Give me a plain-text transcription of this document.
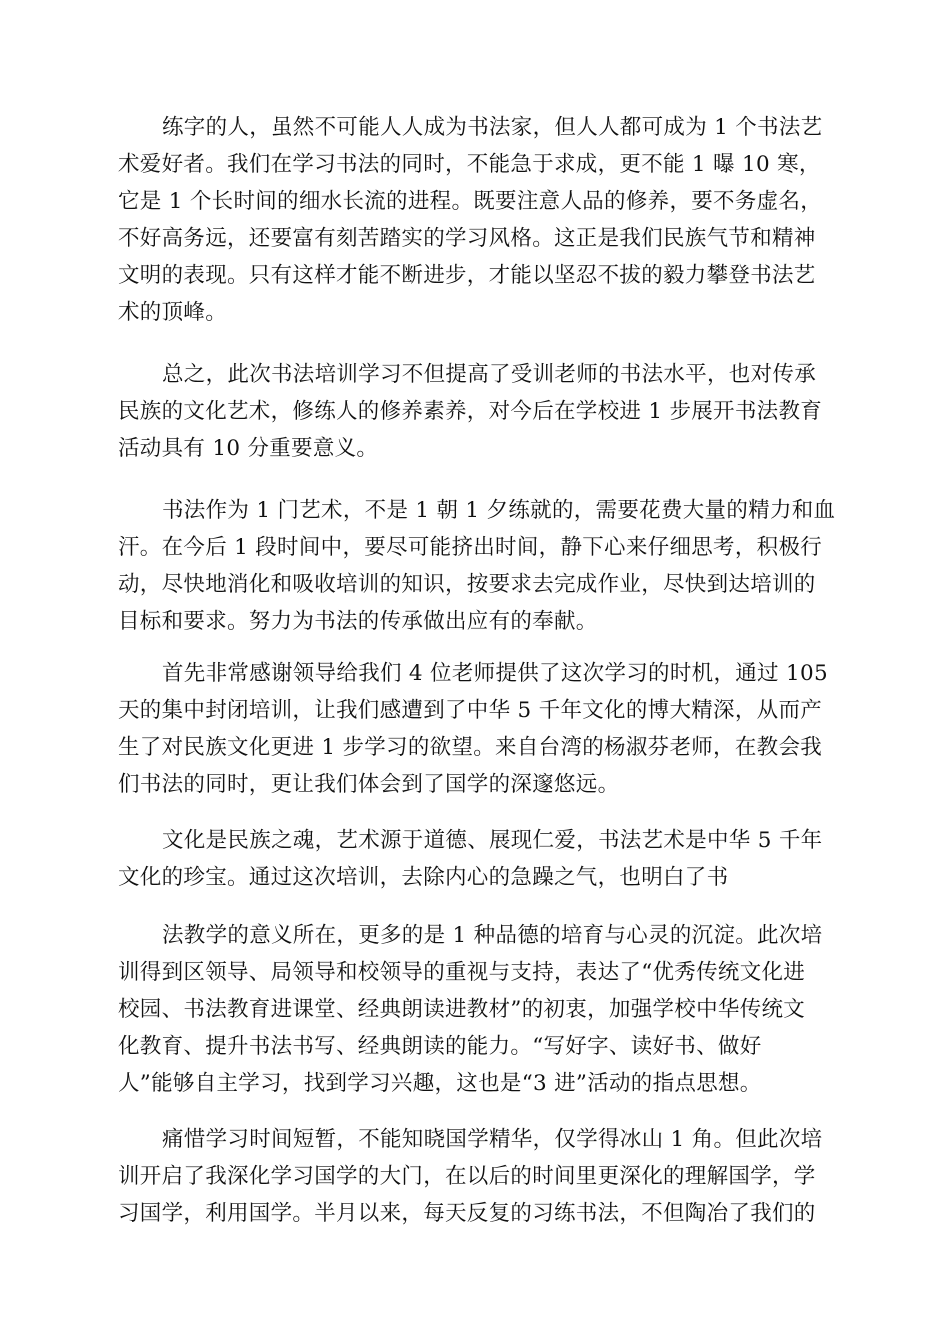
练字的人，虽然不可能人人成为书法家，但人人都可成为 1 个书法艺
术爱好者。我们在学习书法的同时，不能急于求成，更不能 1 曝 10 寒，
它是 1 个长时间的细水长流的进程。既要注意人品的修养，要不务虚名，
不好高务远，还要富有刻苦踏实的学习风格。这正是我们民族气节和精神
文明的表现。只有这样才能不断进步，才能以坚忍不拔的毅力攀登书法艺
术的顶峰。
总之，此次书法培训学习不但提高了受训老师的书法水平，也对传承
民族的文化艺术，修练人的修养素养，对今后在学校进 1 步展开书法教育
活动具有 10 分重要意义。
书法作为 1 门艺术，不是 1 朝 1 夕练就的，需要花费大量的精力和血
汗。在今后 1 段时间中，要尽可能挤出时间，静下心来仔细思考，积极行
动，尽快地消化和吸收培训的知识，按要求去完成作业，尽快到达培训的
目标和要求。努力为书法的传承做出应有的奉献。
首先非常感谢领导给我们 4 位老师提供了这次学习的时机，通过 105
天的集中封闭培训，让我们感遭到了中华 5 千年文化的博大精深，从而产
生了对民族文化更进 1 步学习的欲望。来自台湾的杨淑芬老师，在教会我
们书法的同时，更让我们体会到了国学的深邃悠远。
文化是民族之魂，艺术源于道德、展现仁爱，书法艺术是中华 5 千年
文化的珍宝。通过这次培训，去除内心的急躁之气，也明白了书
法教学的意义所在，更多的是 1 种品德的培育与心灵的沉淀。此次培
训得到区领导、局领导和校领导的重视与支持，表达了“优秀传统文化进
校园、书法教育进课堂、经典朗读进教材”的初衷，加强学校中华传统文
化教育、提升书法书写、经典朗读的能力。“写好字、读好书、做好
人”能够自主学习，找到学习兴趣，这也是“3 进”活动的指点思想。
痛惜学习时间短暂，不能知晓国学精华，仅学得冰山 1 角。但此次培
训开启了我深化学习国学的大门，在以后的时间里更深化的理解国学，学
习国学，利用国学。半月以来，每天反复的习练书法，不但陶冶了我们的
